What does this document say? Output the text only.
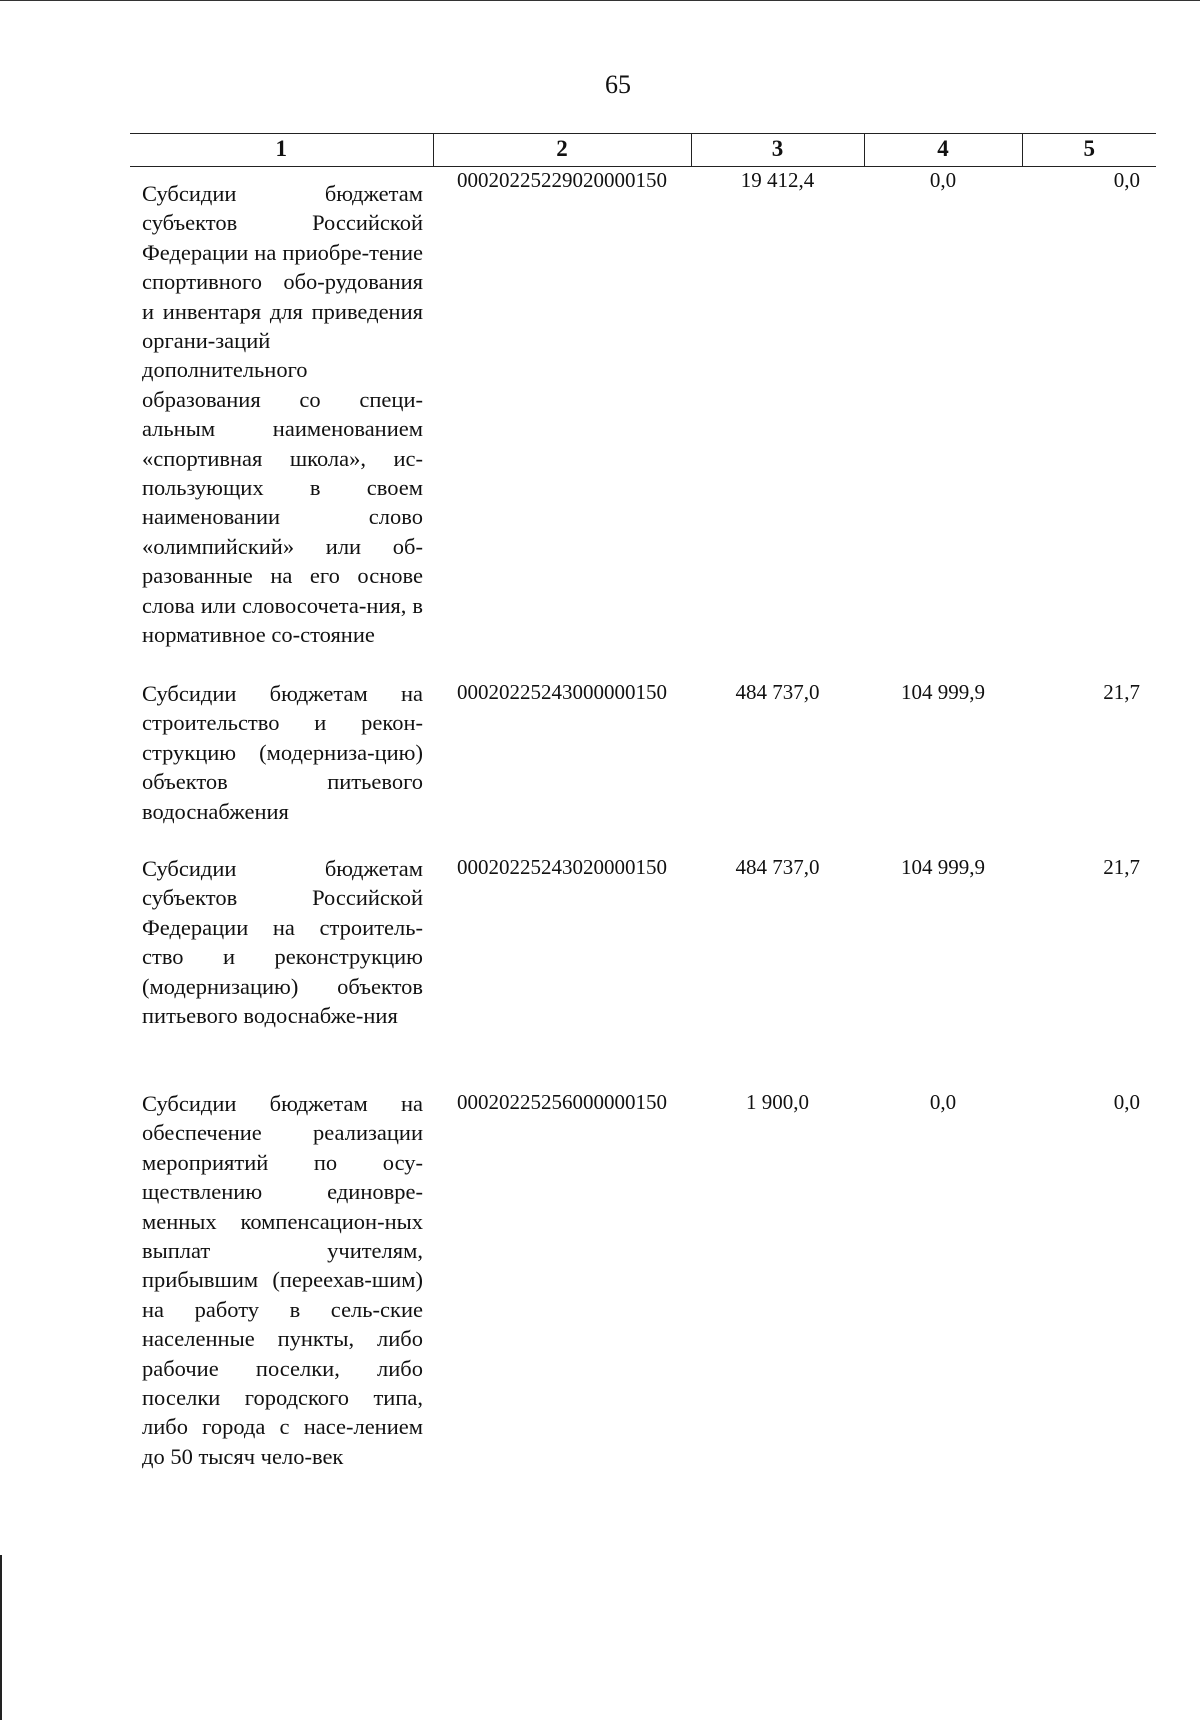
65
1	2	3	4	5
Субсидии бюджетам субъектов Российской Федерации на приобре-тение спортивного обо-рудования и инвентаря для приведения органи-заций дополнительного образования со специ-альным наименованием «спортивная школа», ис-пользующих в своем наименовании слово «олимпийский» или об-разованные на его основе слова или словосочета-ния, в нормативное со-стояние	00020225229020000150	19 412,4	0,0	0,0
Субсидии бюджетам на строительство и рекон-струкцию (модерниза-цию) объектов питьевого водоснабжения	00020225243000000150	484 737,0	104 999,9	21,7
Субсидии бюджетам субъектов Российской Федерации на строитель-ство и реконструкцию (модернизацию) объектов питьевого водоснабже-ния	00020225243020000150	484 737,0	104 999,9	21,7
Субсидии бюджетам на обеспечение реализации мероприятий по осу-ществлению единовре-менных компенсацион-ных выплат учителям, прибывшим (переехав-шим) на работу в сель-ские населенные пункты, либо рабочие поселки, либо поселки городского типа, либо города с насе-лением до 50 тысяч чело-век	00020225256000000150	1 900,0	0,0	0,0
